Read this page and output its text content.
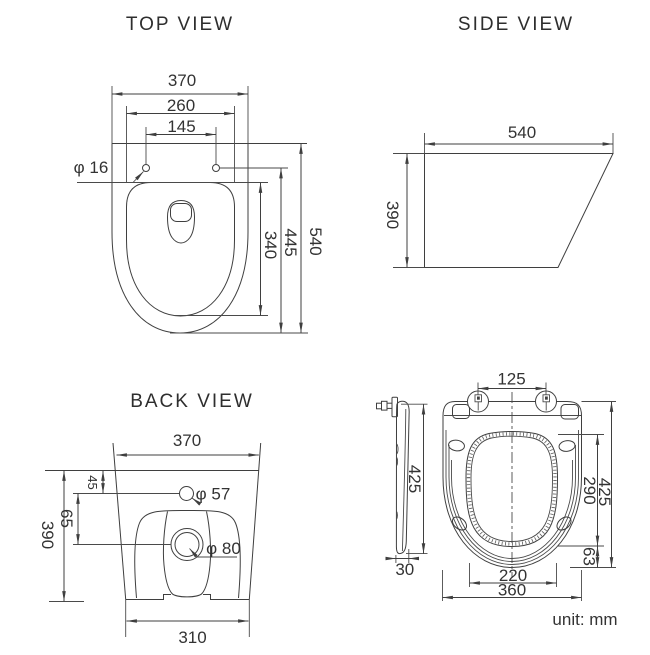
TOP VIEW
370
260
145
φ 16
340 445 540
SIDE VIEW
540
390
BACK VIEW
370
390
45
65
φ 57
φ 80
310
425
30
125
290
63
425
220
360
unit: mm
